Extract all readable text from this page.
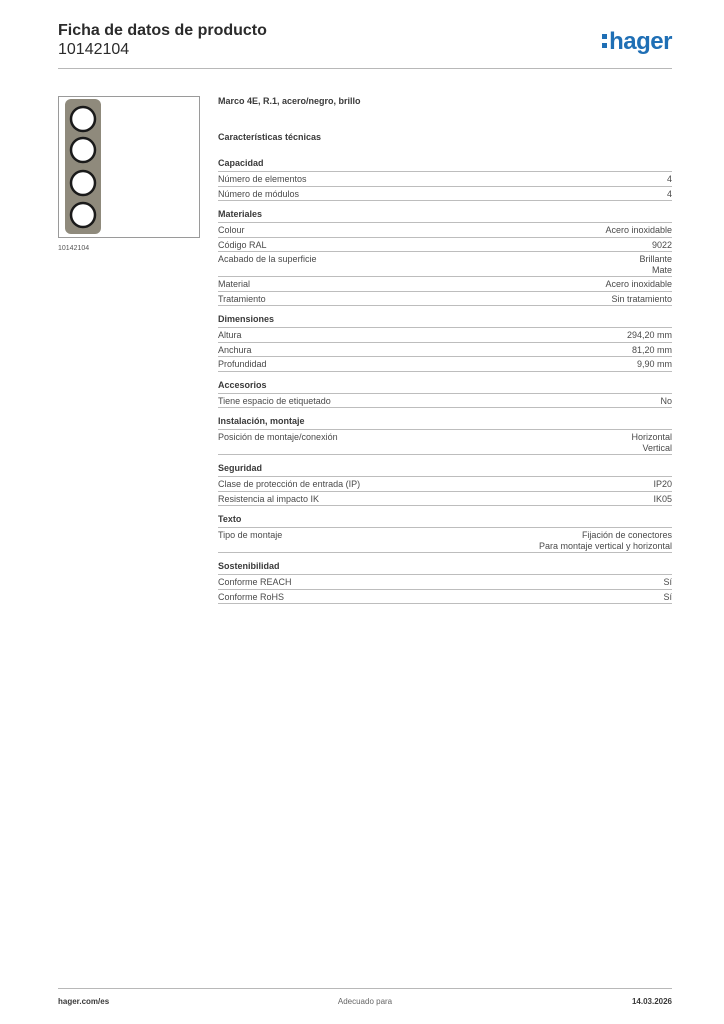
Ficha de datos de producto
10142104	hager
10142104
Marco 4E, R.1, acero/negro, brillo
Características técnicas
Capacidad
Número de elementos	4
Número de módulos	4
Materiales
Colour	Acero inoxidable
Código RAL	9022
Acabado de la superficie	Brillante
Mate
Material	Acero inoxidable
Tratamiento	Sin tratamiento
Dimensiones
Altura	294,20 mm
Anchura	81,20 mm
Profundidad	9,90 mm
Accesorios
Tiene espacio de etiquetado	No
Instalación, montaje
Posición de montaje/conexión	Horizontal
Vertical
Seguridad
Clase de protección de entrada (IP)	IP20
Resistencia al impacto IK	IK05
Texto
Tipo de montaje	Fijación de conectores
Para montaje vertical y horizontal
Sostenibilidad
Conforme REACH	Sí
Conforme RoHS	Sí
hager.com/es	Adecuado para	14.03.2026
